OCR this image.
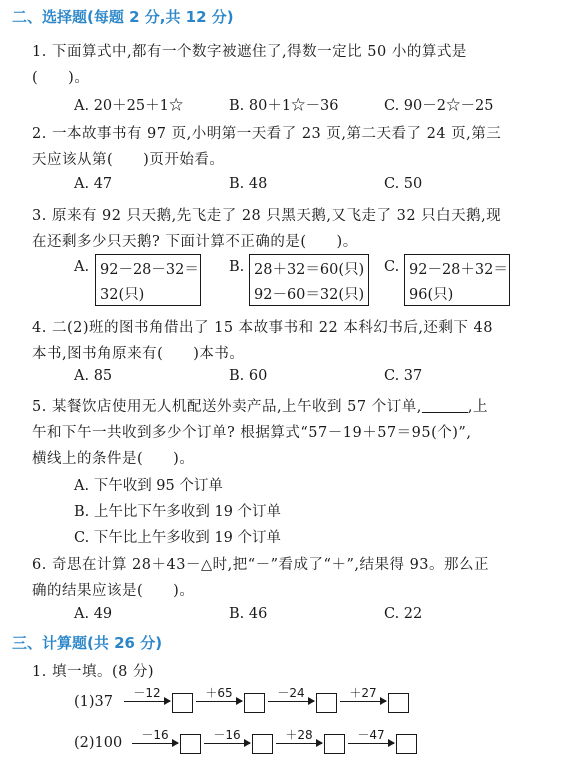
二、选择题(每题 2 分,共 12 分)
1. 下面算式中,都有一个数字被遮住了,得数一定比 50 小的算式是
(　　)。
A. 20＋25＋1☆	B. 80＋1☆－36	C. 90－2☆－25
2. 一本故事书有 97 页,小明第一天看了 23 页,第二天看了 24 页,第三
天应该从第(　　)页开始看。
A. 47	B. 48	C. 50
3. 原来有 92 只天鹅,先飞走了 28 只黑天鹅,又飞走了 32 只白天鹅,现
在还剩多少只天鹅? 下面计算不正确的是(　　)。
A. 92－28－32＝
32(只)
B. 28＋32＝60(只)
92－60＝32(只)
C. 92－28＋32＝
96(只)
4. 二(2)班的图书角借出了 15 本故事书和 22 本科幻书后,还剩下 48
本书,图书角原来有(　　)本书。
A. 85	B. 60	C. 37
5. 某餐饮店使用无人机配送外卖产品,上午收到 57 个订单,	,上
午和下午一共收到多少个订单? 根据算式“57－19＋57＝95(个)”,
横线上的条件是(　　)。
A. 下午收到 95 个订单
B. 上午比下午多收到 19 个订单
C. 下午比上午多收到 19 个订单
6. 奇思在计算 28＋43－△时,把“－”看成了“＋”,结果得 93。那么正
确的结果应该是(　　)。
A. 49	B. 46	C. 22
三、计算题(共 26 分)
1. 填一填。(8 分)
(1)37
－12	＋65	－24	＋27
(2)100	－16	－16	＋28	－47
